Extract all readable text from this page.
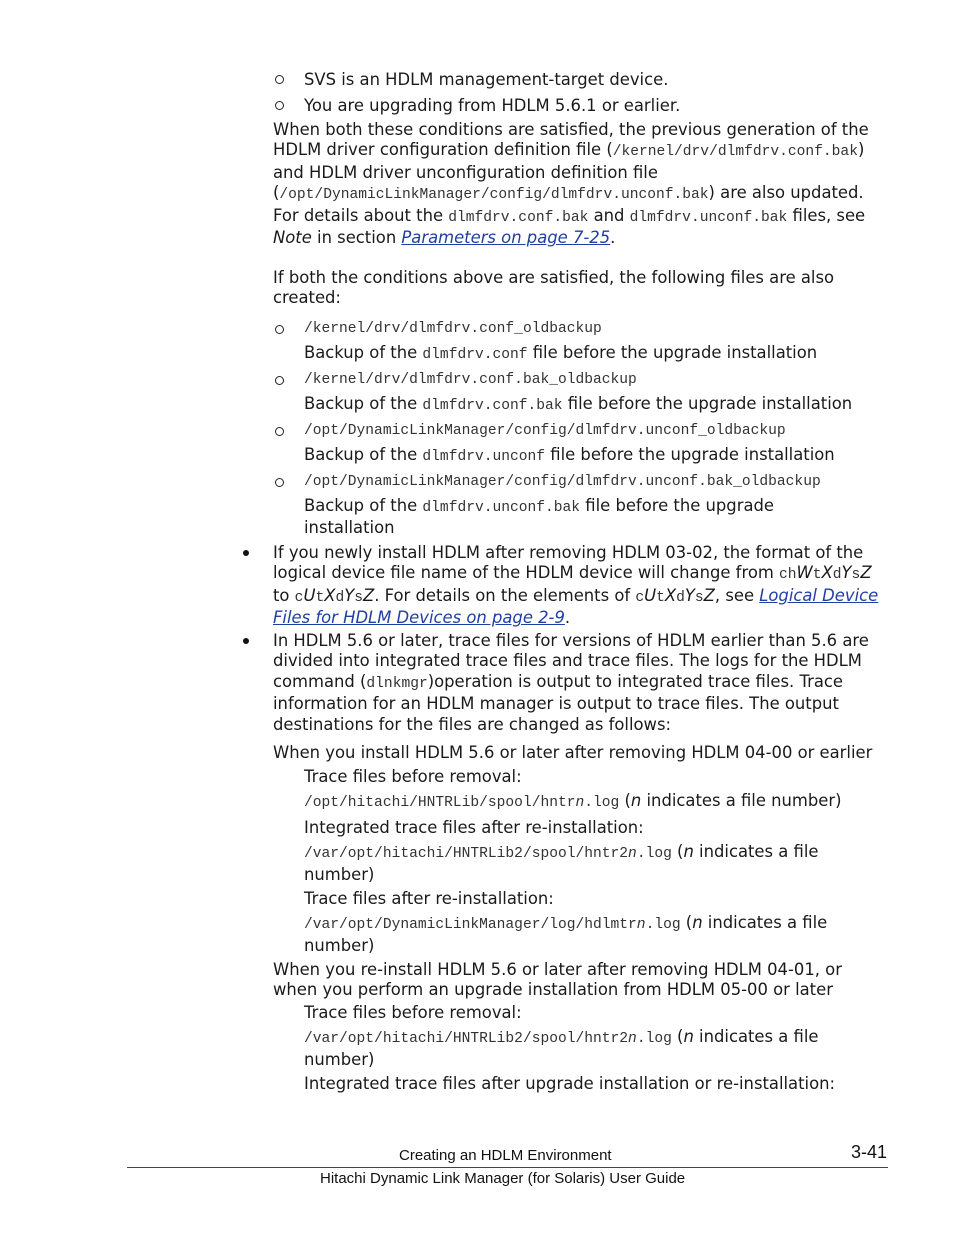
SVS is an HDLM management-target device.

You are upgrading from HDLM 5.6.1 or earlier.

When both these conditions are satisfied, the previous generation of the HDLM driver configuration definition file (/kernel/drv/dlmfdrv.conf.bak) and HDLM driver unconfiguration definition file (/opt/DynamicLinkManager/config/dlmfdrv.unconf.bak) are also updated. For details about the dlmfdrv.conf.bak and dlmfdrv.unconf.bak files, see Note in section Parameters on page 7-25.

If both the conditions above are satisfied, the following files are also created:

/kernel/drv/dlmfdrv.conf_oldbackup
Backup of the dlmfdrv.conf file before the upgrade installation
/kernel/drv/dlmfdrv.conf.bak_oldbackup
Backup of the dlmfdrv.conf.bak file before the upgrade installation
/opt/DynamicLinkManager/config/dlmfdrv.unconf_oldbackup
Backup of the dlmfdrv.unconf file before the upgrade installation
/opt/DynamicLinkManager/config/dlmfdrv.unconf.bak_oldbackup
Backup of the dlmfdrv.unconf.bak file before the upgrade installation

If you newly install HDLM after removing HDLM 03-02, the format of the logical device file name of the HDLM device will change from chWtXdYsZ to cUtXdYsZ. For details on the elements of cUtXdYsZ, see Logical Device Files for HDLM Devices on page 2-9.

In HDLM 5.6 or later, trace files for versions of HDLM earlier than 5.6 are divided into integrated trace files and trace files. The logs for the HDLM command (dlnkmgr)operation is output to integrated trace files. Trace information for an HDLM manager is output to trace files. The output destinations for the files are changed as follows:

When you install HDLM 5.6 or later after removing HDLM 04-00 or earlier

Trace files before removal:
/opt/hitachi/HNTRLib/spool/hntrn.log (n indicates a file number)
Integrated trace files after re-installation:
/var/opt/hitachi/HNTRLib2/spool/hntr2n.log (n indicates a file number)
Trace files after re-installation:
/var/opt/DynamicLinkManager/log/hdlmtrn.log (n indicates a file number)

When you re-install HDLM 5.6 or later after removing HDLM 04-01, or when you perform an upgrade installation from HDLM 05-00 or later

Trace files before removal:
/var/opt/hitachi/HNTRLib2/spool/hntr2n.log (n indicates a file number)
Integrated trace files after upgrade installation or re-installation:
Creating an HDLM Environment	3-41
Hitachi Dynamic Link Manager (for Solaris) User Guide
